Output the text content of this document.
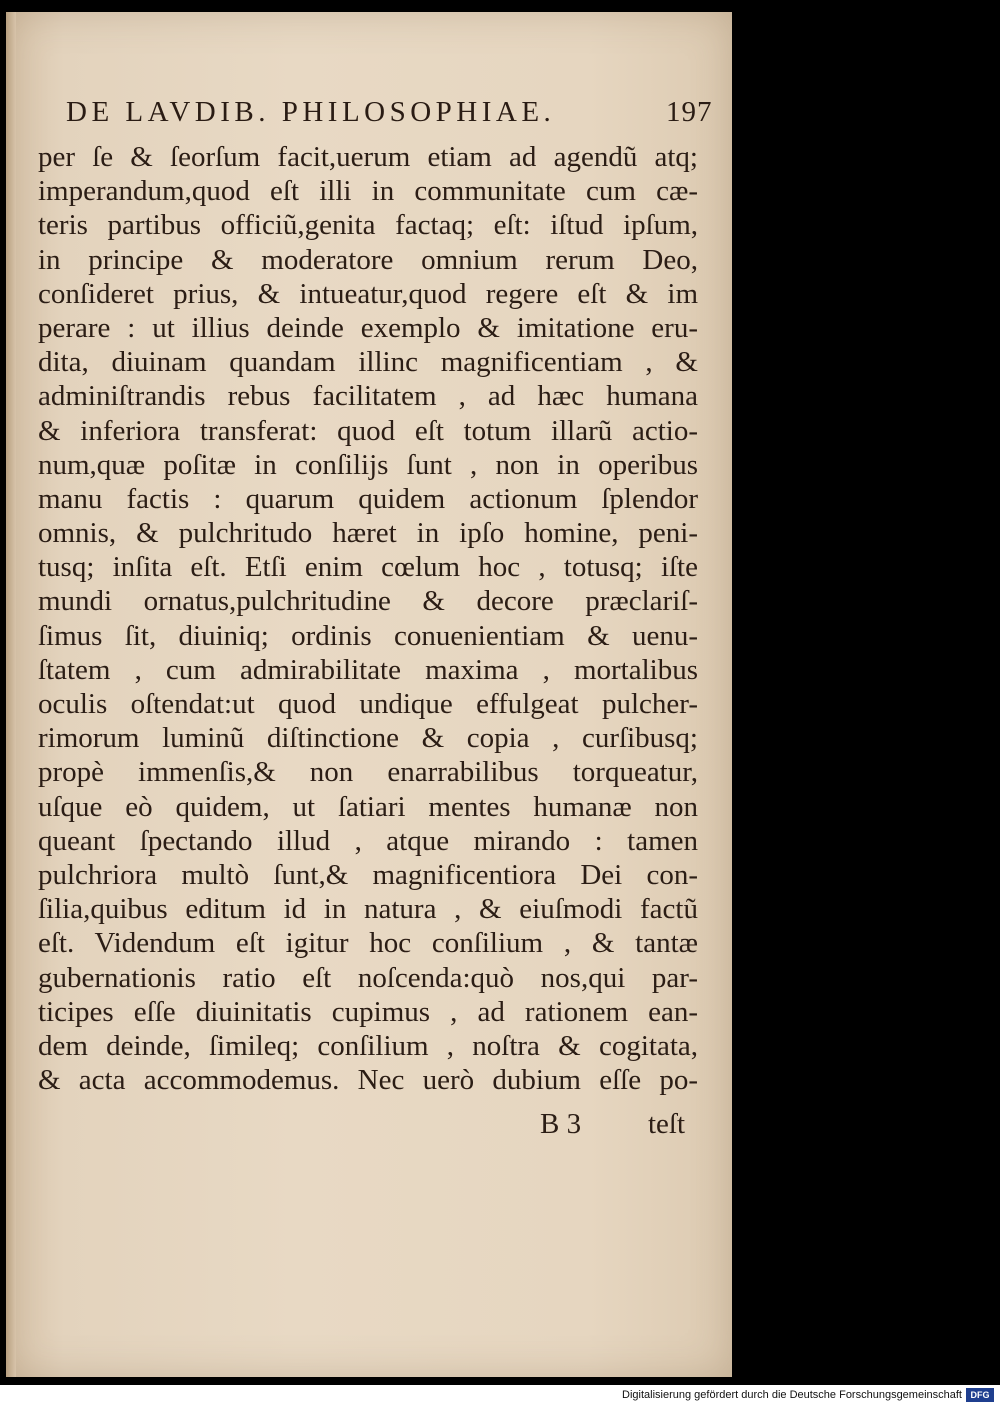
DE LAVDIB. PHILOSOPHIAE.	197
per ſe & ſeorſum facit,uerum etiam ad agendũ atq;
imperandum,quod eſt illi in communitate cum cæ-
teris partibus officiũ,genita factaq; eſt: iſtud ipſum,
in principe & moderatore omnium rerum Deo,
conſideret prius, & intueatur,quod regere eſt & im
perare : ut illius deinde exemplo & imitatione eru-
dita, diuinam quandam illinc magnificentiam , &
adminiſtrandis rebus facilitatem , ad hæc humana
& inferiora transferat: quod eſt totum illarũ actio-
num,quæ poſitæ in conſilijs ſunt , non in operibus
manu factis : quarum quidem actionum ſplendor
omnis, & pulchritudo hæret in ipſo homine, peni-
tusq; inſita eſt. Etſi enim cœlum hoc , totusq; iſte
mundi ornatus,pulchritudine & decore præclariſ-
ſimus ſit, diuiniq; ordinis conuenientiam & uenu-
ſtatem , cum admirabilitate maxima , mortalibus
oculis oſtendat:ut quod undique effulgeat pulcher-
rimorum luminũ diſtinctione & copia , curſibusq;
propè immenſis,& non enarrabilibus torqueatur,
uſque eò quidem, ut ſatiari mentes humanæ non
queant ſpectando illud , atque mirando : tamen
pulchriora multò ſunt,& magnificentiora Dei con-
ſilia,quibus editum id in natura , & eiuſmodi factũ
eſt. Videndum eſt igitur hoc conſilium , & tantæ
gubernationis ratio eſt noſcenda:quò nos,qui par-
ticipes eſſe diuinitatis cupimus , ad rationem ean-
dem deinde, ſimileq; conſilium , noſtra & cogitata,
& acta accommodemus. Nec uerò dubium eſſe po-
B 3 teſt
Digitalisierung gefördert durch die Deutsche Forschungsgemeinschaft DFG
